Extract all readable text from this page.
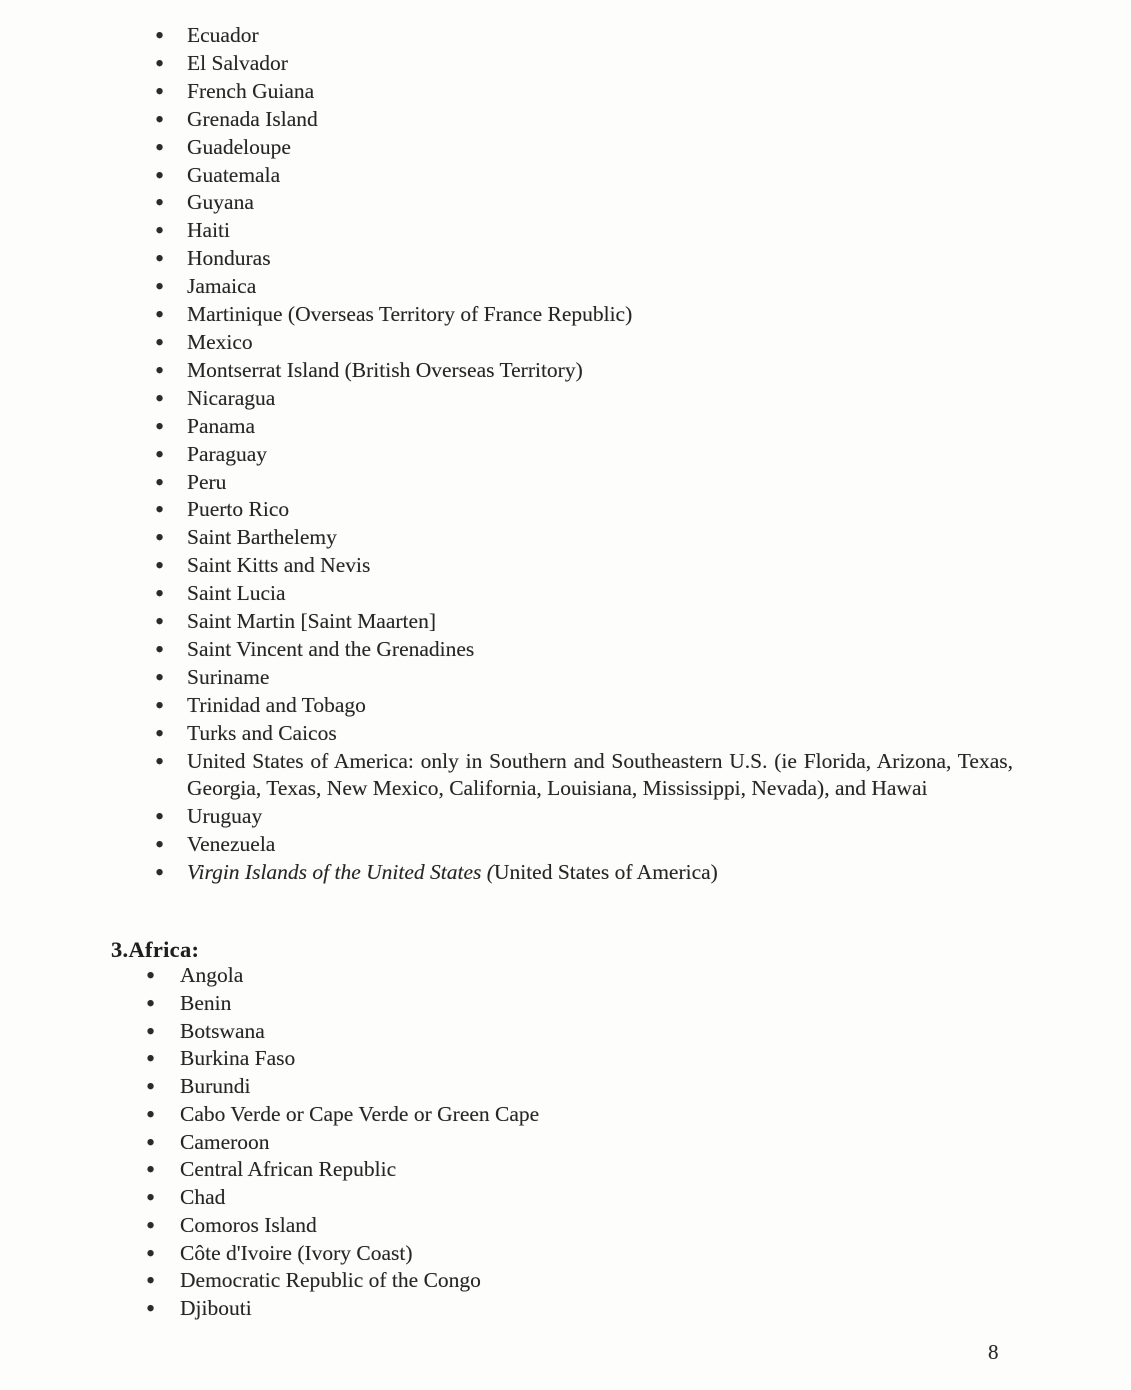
• Ecuador
• El Salvador
• French Guiana
• Grenada Island
• Guadeloupe
• Guatemala
• Guyana
• Haiti
• Honduras
• Jamaica
• Martinique (Overseas Territory of France Republic)
• Mexico
• Montserrat Island (British Overseas Territory)
• Nicaragua
• Panama
• Paraguay
• Peru
• Puerto Rico
• Saint Barthelemy
• Saint Kitts and Nevis
• Saint Lucia
• Saint Martin [Saint Maarten]
• Saint Vincent and the Grenadines
• Suriname
• Trinidad and Tobago
• Turks and Caicos
• United States of America: only in Southern and Southeastern U.S. (ie Florida, Arizona, Texas, Georgia, Texas, New Mexico, California, Louisiana, Mississippi, Nevada), and Hawai
• Uruguay
• Venezuela
• Virgin Islands of the United States (United States of America)
3.Africa:
• Angola
• Benin
• Botswana
• Burkina Faso
• Burundi
• Cabo Verde or Cape Verde or Green Cape
• Cameroon
• Central African Republic
• Chad
• Comoros Island
• Côte d'Ivoire (Ivory Coast)
• Democratic Republic of the Congo
• Djibouti
8
